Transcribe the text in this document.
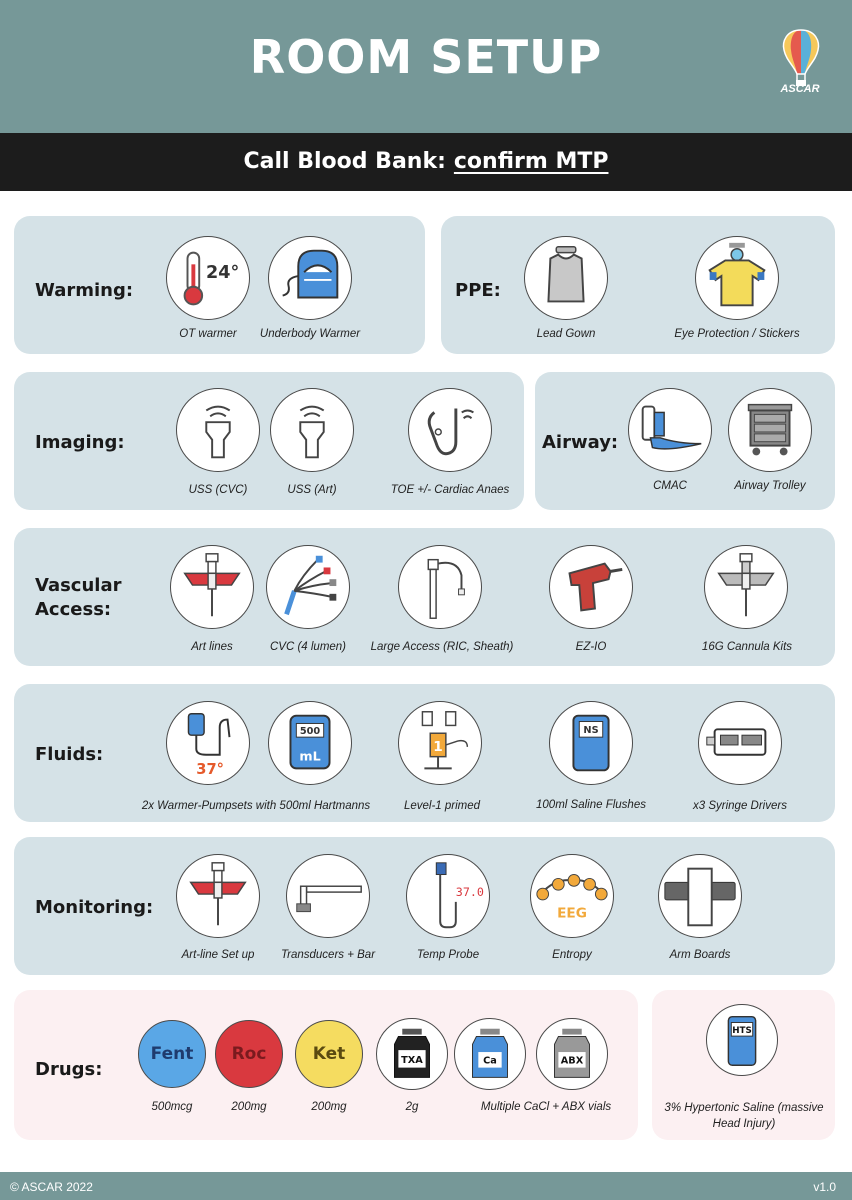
ROOM SETUP
ASCAR
Call Blood Bank: confirm MTP
Warming:
24°
OT warmer	Underbody Warmer
PPE:
Lead Gown	Eye Protection / Stickers
Imaging:
USS (CVC)	USS (Art)	TOE +/- Cardiac Anaes
Airway:
CMAC	Airway Trolley
Vascular Access:
Art lines	CVC (4 lumen)	Large Access (RIC, Sheath)	EZ-IO	16G Cannula Kits
Fluids:
37°
2x Warmer-Pumpsets with 500ml Hartmanns
500
mL
1
Level-1 primed
NS
100ml Saline Flushes	x3 Syringe Drivers
Monitoring:
Art-line Set up	Transducers + Bar
37.0
Temp Probe
EEG
Entropy	Arm Boards
Drugs:
Fent
500mcg
Roc
200mg
Ket
200mg
TXA
2g
Ca	ABX
Multiple CaCl + ABX vials
HTS
3% Hypertonic Saline (massive Head Injury)
© ASCAR 2022	v1.0
